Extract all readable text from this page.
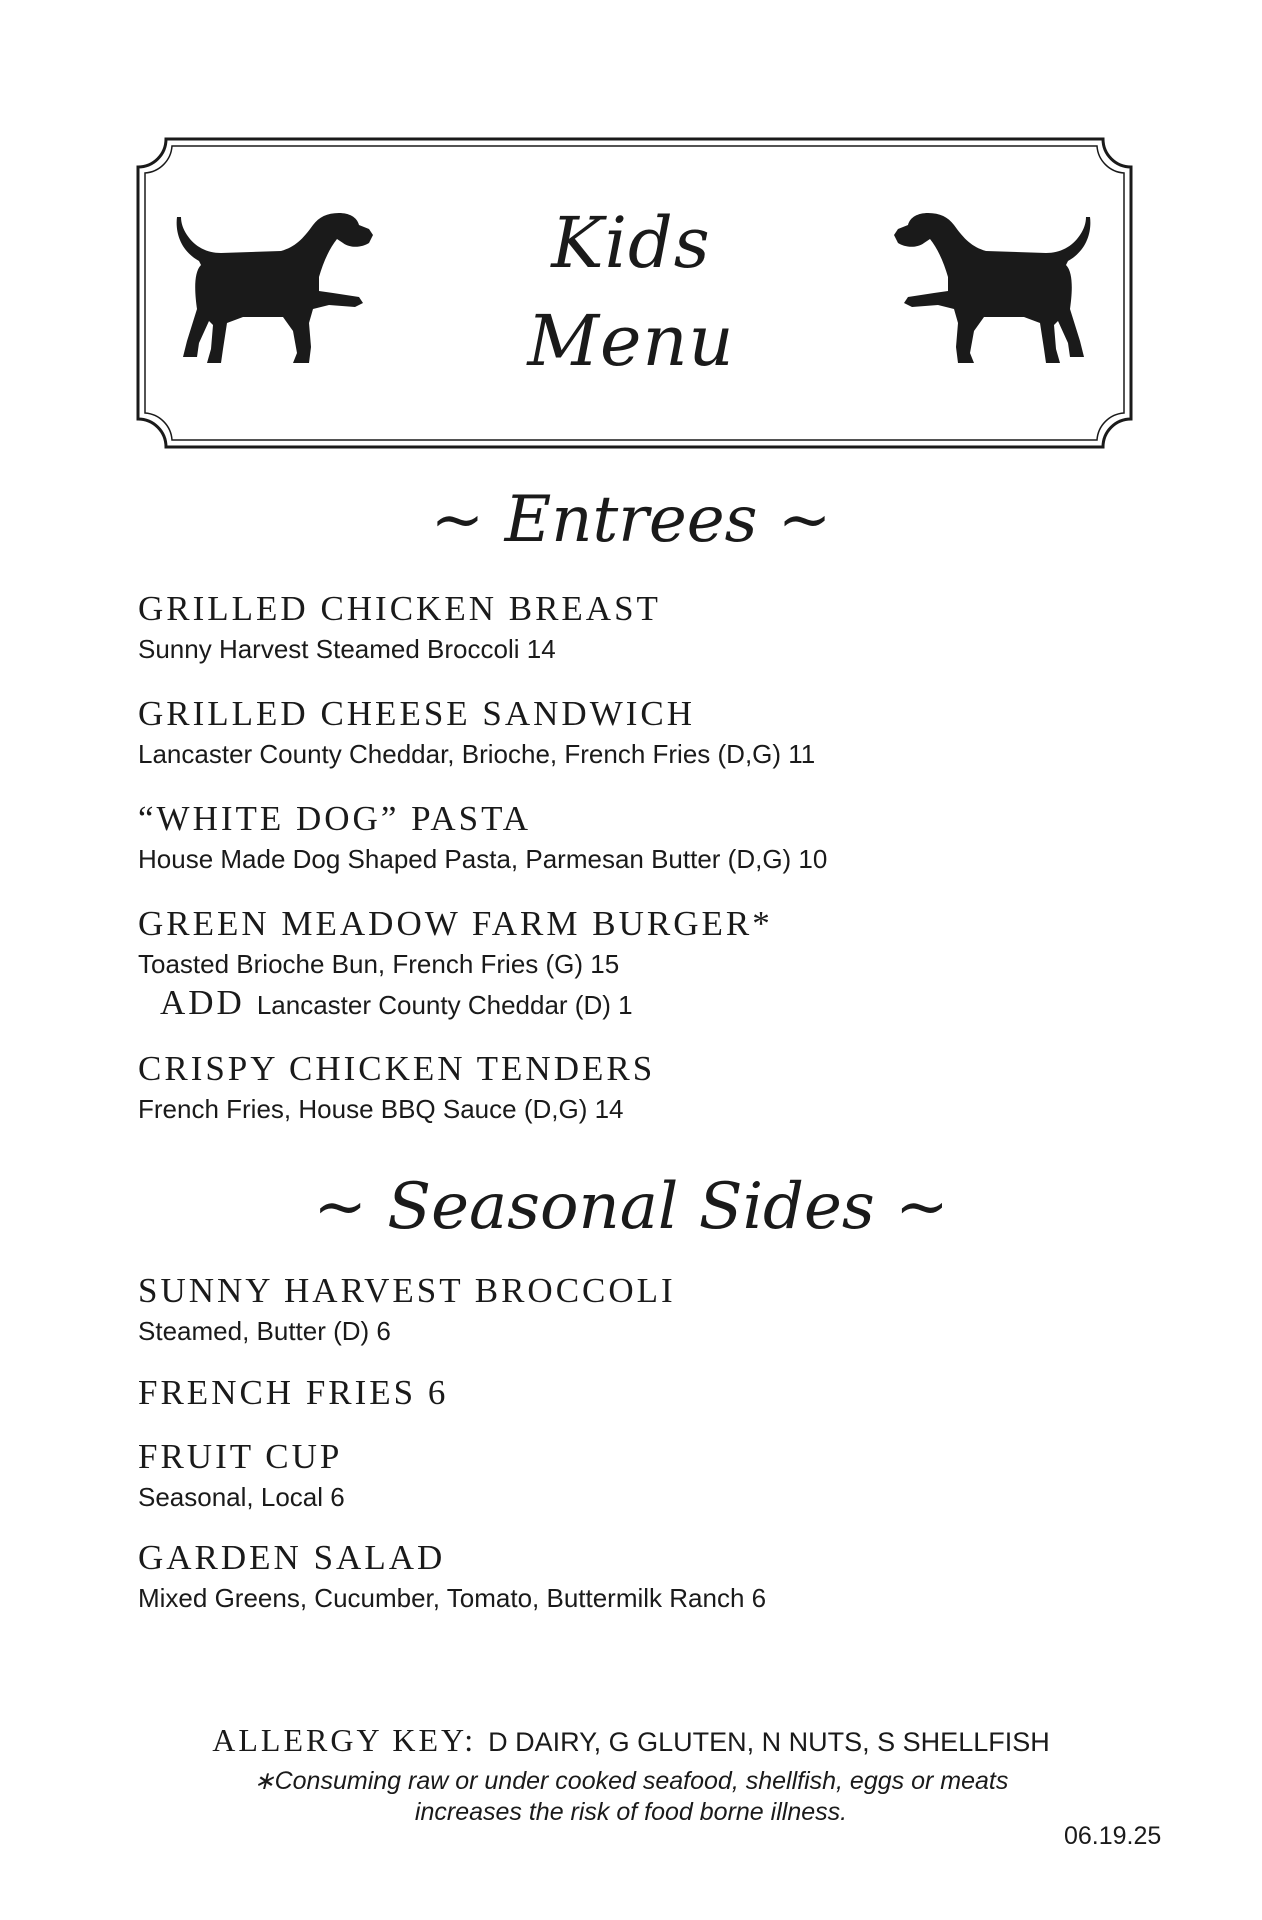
Kids
Menu
~ Entrees ~
GRILLED CHICKEN BREAST
Sunny Harvest Steamed Broccoli 14
GRILLED CHEESE SANDWICH
Lancaster County Cheddar, Brioche, French Fries (D,G) 11
“WHITE DOG” PASTA
House Made Dog Shaped Pasta, Parmesan Butter (D,G) 10
GREEN MEADOW FARM BURGER*
Toasted Brioche Bun, French Fries (G) 15
ADD Lancaster County Cheddar (D) 1
CRISPY CHICKEN TENDERS
French Fries, House BBQ Sauce (D,G) 14
~ Seasonal Sides ~
SUNNY HARVEST BROCCOLI
Steamed, Butter (D) 6
FRENCH FRIES 6
FRUIT CUP
Seasonal, Local 6
GARDEN SALAD
Mixed Greens, Cucumber, Tomato, Buttermilk Ranch 6
ALLERGY KEY: D DAIRY, G GLUTEN, N NUTS, S SHELLFISH
∗Consuming raw or under cooked seafood, shellfish, eggs or meats
increases the risk of food borne illness.
06.19.25
